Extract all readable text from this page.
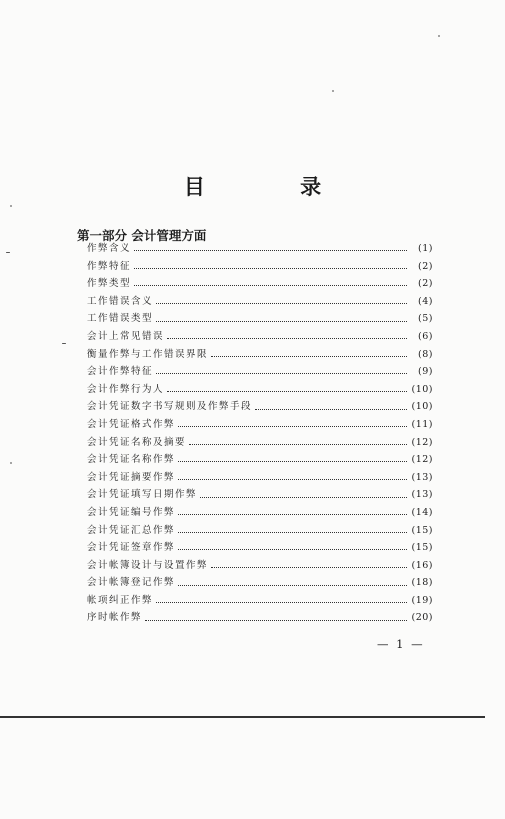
目 录
第一部分 会计管理方面
作弊含义	(1)
作弊特征	(2)
作弊类型	(2)
工作错误含义	(4)
工作错误类型	(5)
会计上常见错误	(6)
衡量作弊与工作错误界限	(8)
会计作弊特征	(9)
会计作弊行为人	(10)
会计凭证数字书写规则及作弊手段	(10)
会计凭证格式作弊	(11)
会计凭证名称及摘要	(12)
会计凭证名称作弊	(12)
会计凭证摘要作弊	(13)
会计凭证填写日期作弊	(13)
会计凭证编号作弊	(14)
会计凭证汇总作弊	(15)
会计凭证签章作弊	(15)
会计帐簿设计与设置作弊	(16)
会计帐簿登记作弊	(18)
帐项纠正作弊	(19)
序时帐作弊	(20)
— 1 —
